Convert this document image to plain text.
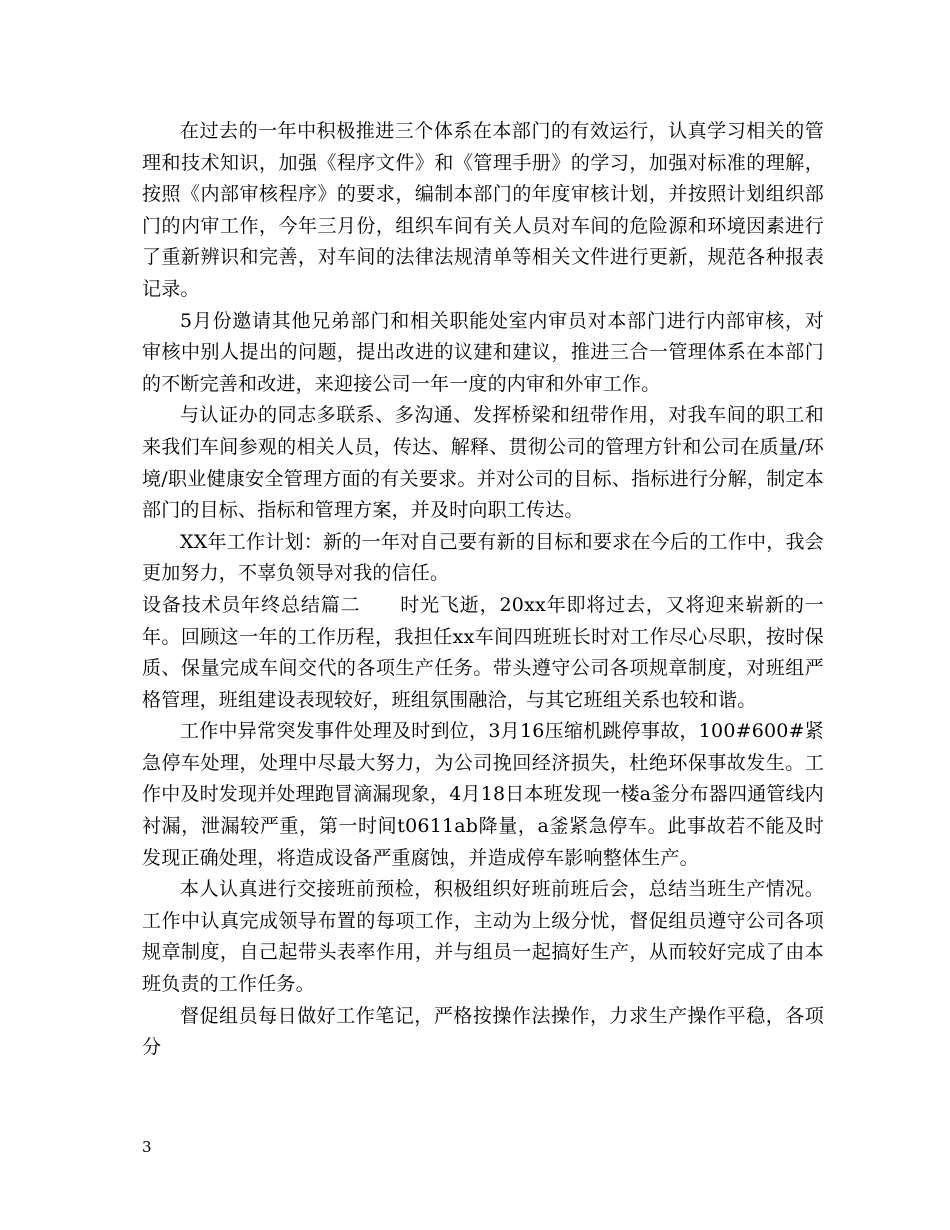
在过去的一年中积极推进三个体系在本部门的有效运行，认真学习相关的管理和技术知识，加强《程序文件》和《管理手册》的学习，加强对标准的理解，按照《内部审核程序》的要求，编制本部门的年度审核计划，并按照计划组织部门的内审工作，今年三月份，组织车间有关人员对车间的危险源和环境因素进行了重新辨识和完善，对车间的法律法规清单等相关文件进行更新，规范各种报表记录。

5月份邀请其他兄弟部门和相关职能处室内审员对本部门进行内部审核，对审核中别人提出的问题，提出改进的议建和建议，推进三合一管理体系在本部门的不断完善和改进，来迎接公司一年一度的内审和外审工作。

与认证办的同志多联系、多沟通、发挥桥梁和纽带作用，对我车间的职工和来我们车间参观的相关人员，传达、解释、贯彻公司的管理方针和公司在质量/环境/职业健康安全管理方面的有关要求。并对公司的目标、指标进行分解，制定本部门的目标、指标和管理方案，并及时向职工传达。

XX年工作计划：新的一年对自己要有新的目标和要求在今后的工作中，我会更加努力，不辜负领导对我的信任。

设备技术员年终总结篇二　　时光飞逝，20xx年即将过去，又将迎来崭新的一年。回顾这一年的工作历程，我担任xx车间四班班长时对工作尽心尽职，按时保质、保量完成车间交代的各项生产任务。带头遵守公司各项规章制度，对班组严格管理，班组建设表现较好，班组氛围融洽，与其它班组关系也较和谐。

工作中异常突发事件处理及时到位，3月16压缩机跳停事故，100#600#紧急停车处理，处理中尽最大努力，为公司挽回经济损失，杜绝环保事故发生。工作中及时发现并处理跑冒滴漏现象，4月18日本班发现一楼a釜分布器四通管线内衬漏，泄漏较严重，第一时间t0611ab降量，a釜紧急停车。此事故若不能及时发现正确处理，将造成设备严重腐蚀，并造成停车影响整体生产。

本人认真进行交接班前预检，积极组织好班前班后会，总结当班生产情况。工作中认真完成领导布置的每项工作，主动为上级分忧，督促组员遵守公司各项规章制度，自己起带头表率作用，并与组员一起搞好生产，从而较好完成了由本班负责的工作任务。

督促组员每日做好工作笔记，严格按操作法操作，力求生产操作平稳，各项分

3
